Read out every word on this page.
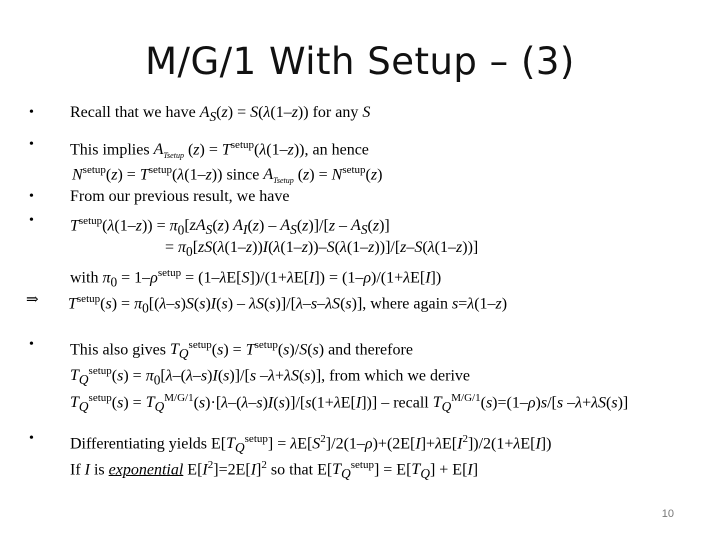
M/G/1 With Setup – (3)
•
•
•
•
⇒
•
•
Recall that we have $A_S(z) = S(\lambda(1-z))$ for any S
This implies $A_{Tsetup}$ $(z) = T^{setup}(\lambda(1-z))$, an hence
$N^{setup}(z) = T^{setup}(\lambda(1-z))$ since $A_{Tsetup}$ $(z) = N^{setup}(z)$
From our previous result, we have
$T^{setup}(\lambda(1-z)) = \pi_0[zA_S(z)$ $A_I(z) - A_S(z)]/[z - A_S(z)]$
= $\pi_0[zS(\lambda(1-z))I(\lambda(1-z))-S(\lambda(1-z))]/[z-S(\lambda(1-z))]$
with $\pi_0 = 1-\rho^{setup} = (1-\lambda E[S])/(1+\lambda E[I]) = (1-\rho)/(1+\lambda E[I])$
$T^{setup}(s) = \pi_0[(\lambda-s)S(s)I(s) - \lambda S(s)]/[\lambda-s-\lambda S(s)]$, where again s=λ(1–z)
This also gives $T_Q^{setup}(s) = T^{setup}(s)/S(s)$ and therefore
$T_Q^{setup}(s) = \pi_0[\lambda-(\lambda-s)I(s)]/[s$ –λ+λS(s)], from which we derive
$T_Q^{setup}(s) = T_Q^{M/G/1}(s)\cdot[\lambda-(\lambda-s)I(s)]/[s(1+\lambda E[I])]$ – recall $T_Q^{M/G/1}(s)=(1-\rho)s/[s$ –λ+λS(s)]
Differentiating yields $E[T_Q^{setup}] = \lambda E[S^2]/2(1-\rho)+(2E[I]+\lambda E[I^2])/2(1+\lambda E[I])$
If I is exponential $E[I^2]=2E[I]^2$ so that $E[T_Q^{setup}] = E[T_Q] + E[I]$
10
